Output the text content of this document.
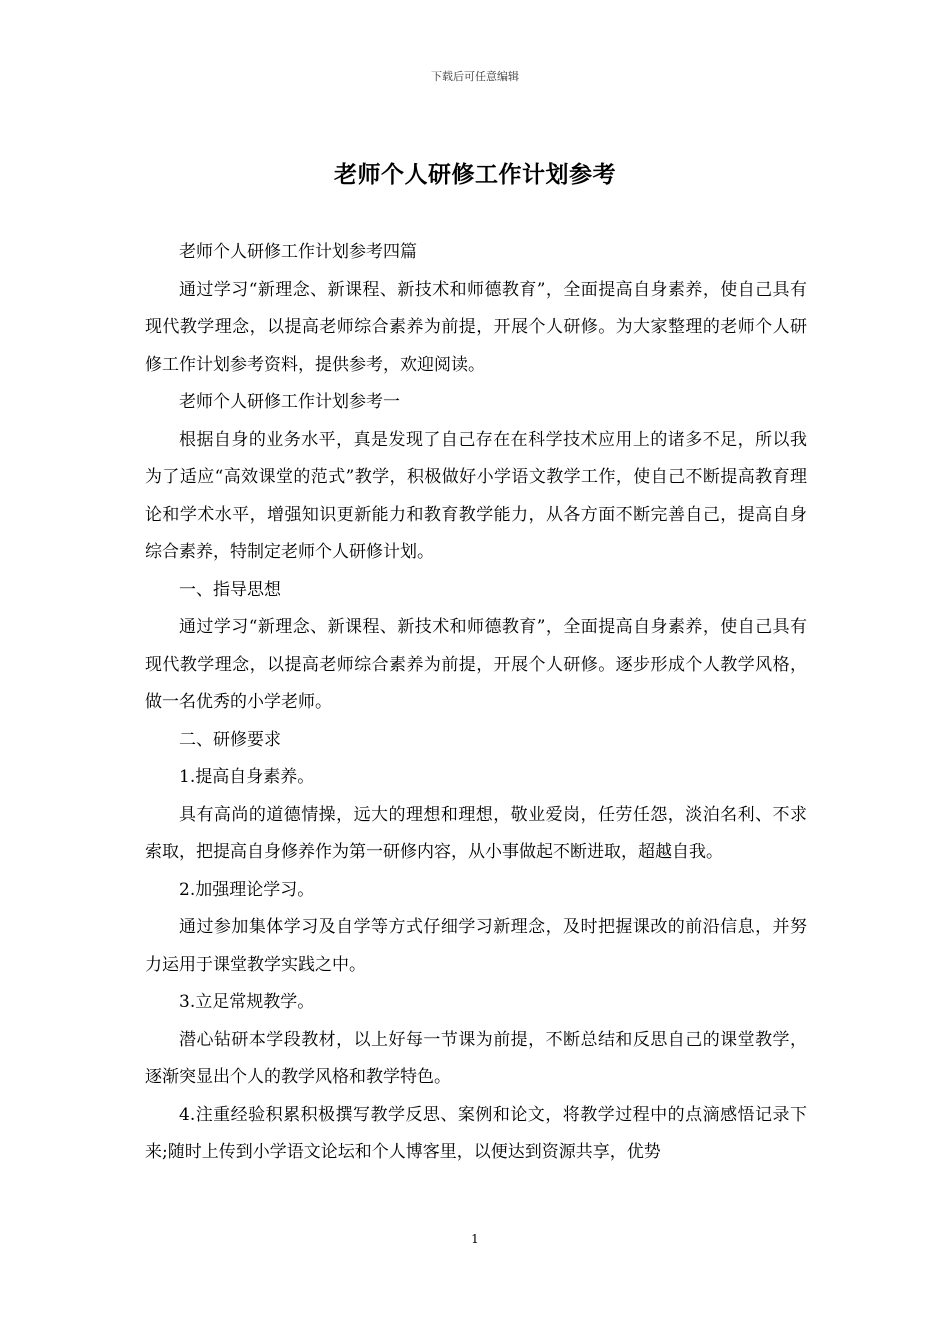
下载后可任意编辑
老师个人研修工作计划参考

老师个人研修工作计划参考四篇

通过学习“新理念、新课程、新技术和师德教育”，全面提高自身素养，使自己具有现代教学理念，以提高老师综合素养为前提，开展个人研修。为大家整理的老师个人研修工作计划参考资料，提供参考，欢迎阅读。

老师个人研修工作计划参考一

根据自身的业务水平，真是发现了自己存在在科学技术应用上的诸多不足，所以我为了适应“高效课堂的范式”教学，积极做好小学语文教学工作，使自己不断提高教育理论和学术水平，增强知识更新能力和教育教学能力，从各方面不断完善自己，提高自身综合素养，特制定老师个人研修计划。

一、指导思想

通过学习“新理念、新课程、新技术和师德教育”，全面提高自身素养，使自己具有现代教学理念，以提高老师综合素养为前提，开展个人研修。逐步形成个人教学风格，做一名优秀的小学老师。

二、研修要求

1.提高自身素养。

具有高尚的道德情操，远大的理想和理想，敬业爱岗，任劳任怨，淡泊名利、不求索取，把提高自身修养作为第一研修内容，从小事做起不断进取，超越自我。

2.加强理论学习。

通过参加集体学习及自学等方式仔细学习新理念，及时把握课改的前沿信息，并努力运用于课堂教学实践之中。

3.立足常规教学。

潜心钻研本学段教材，以上好每一节课为前提，不断总结和反思自己的课堂教学，逐渐突显出个人的教学风格和教学特色。

4.注重经验积累积极撰写教学反思、案例和论文，将教学过程中的点滴感悟记录下来;随时上传到小学语文论坛和个人博客里，以便达到资源共享，优势

1
